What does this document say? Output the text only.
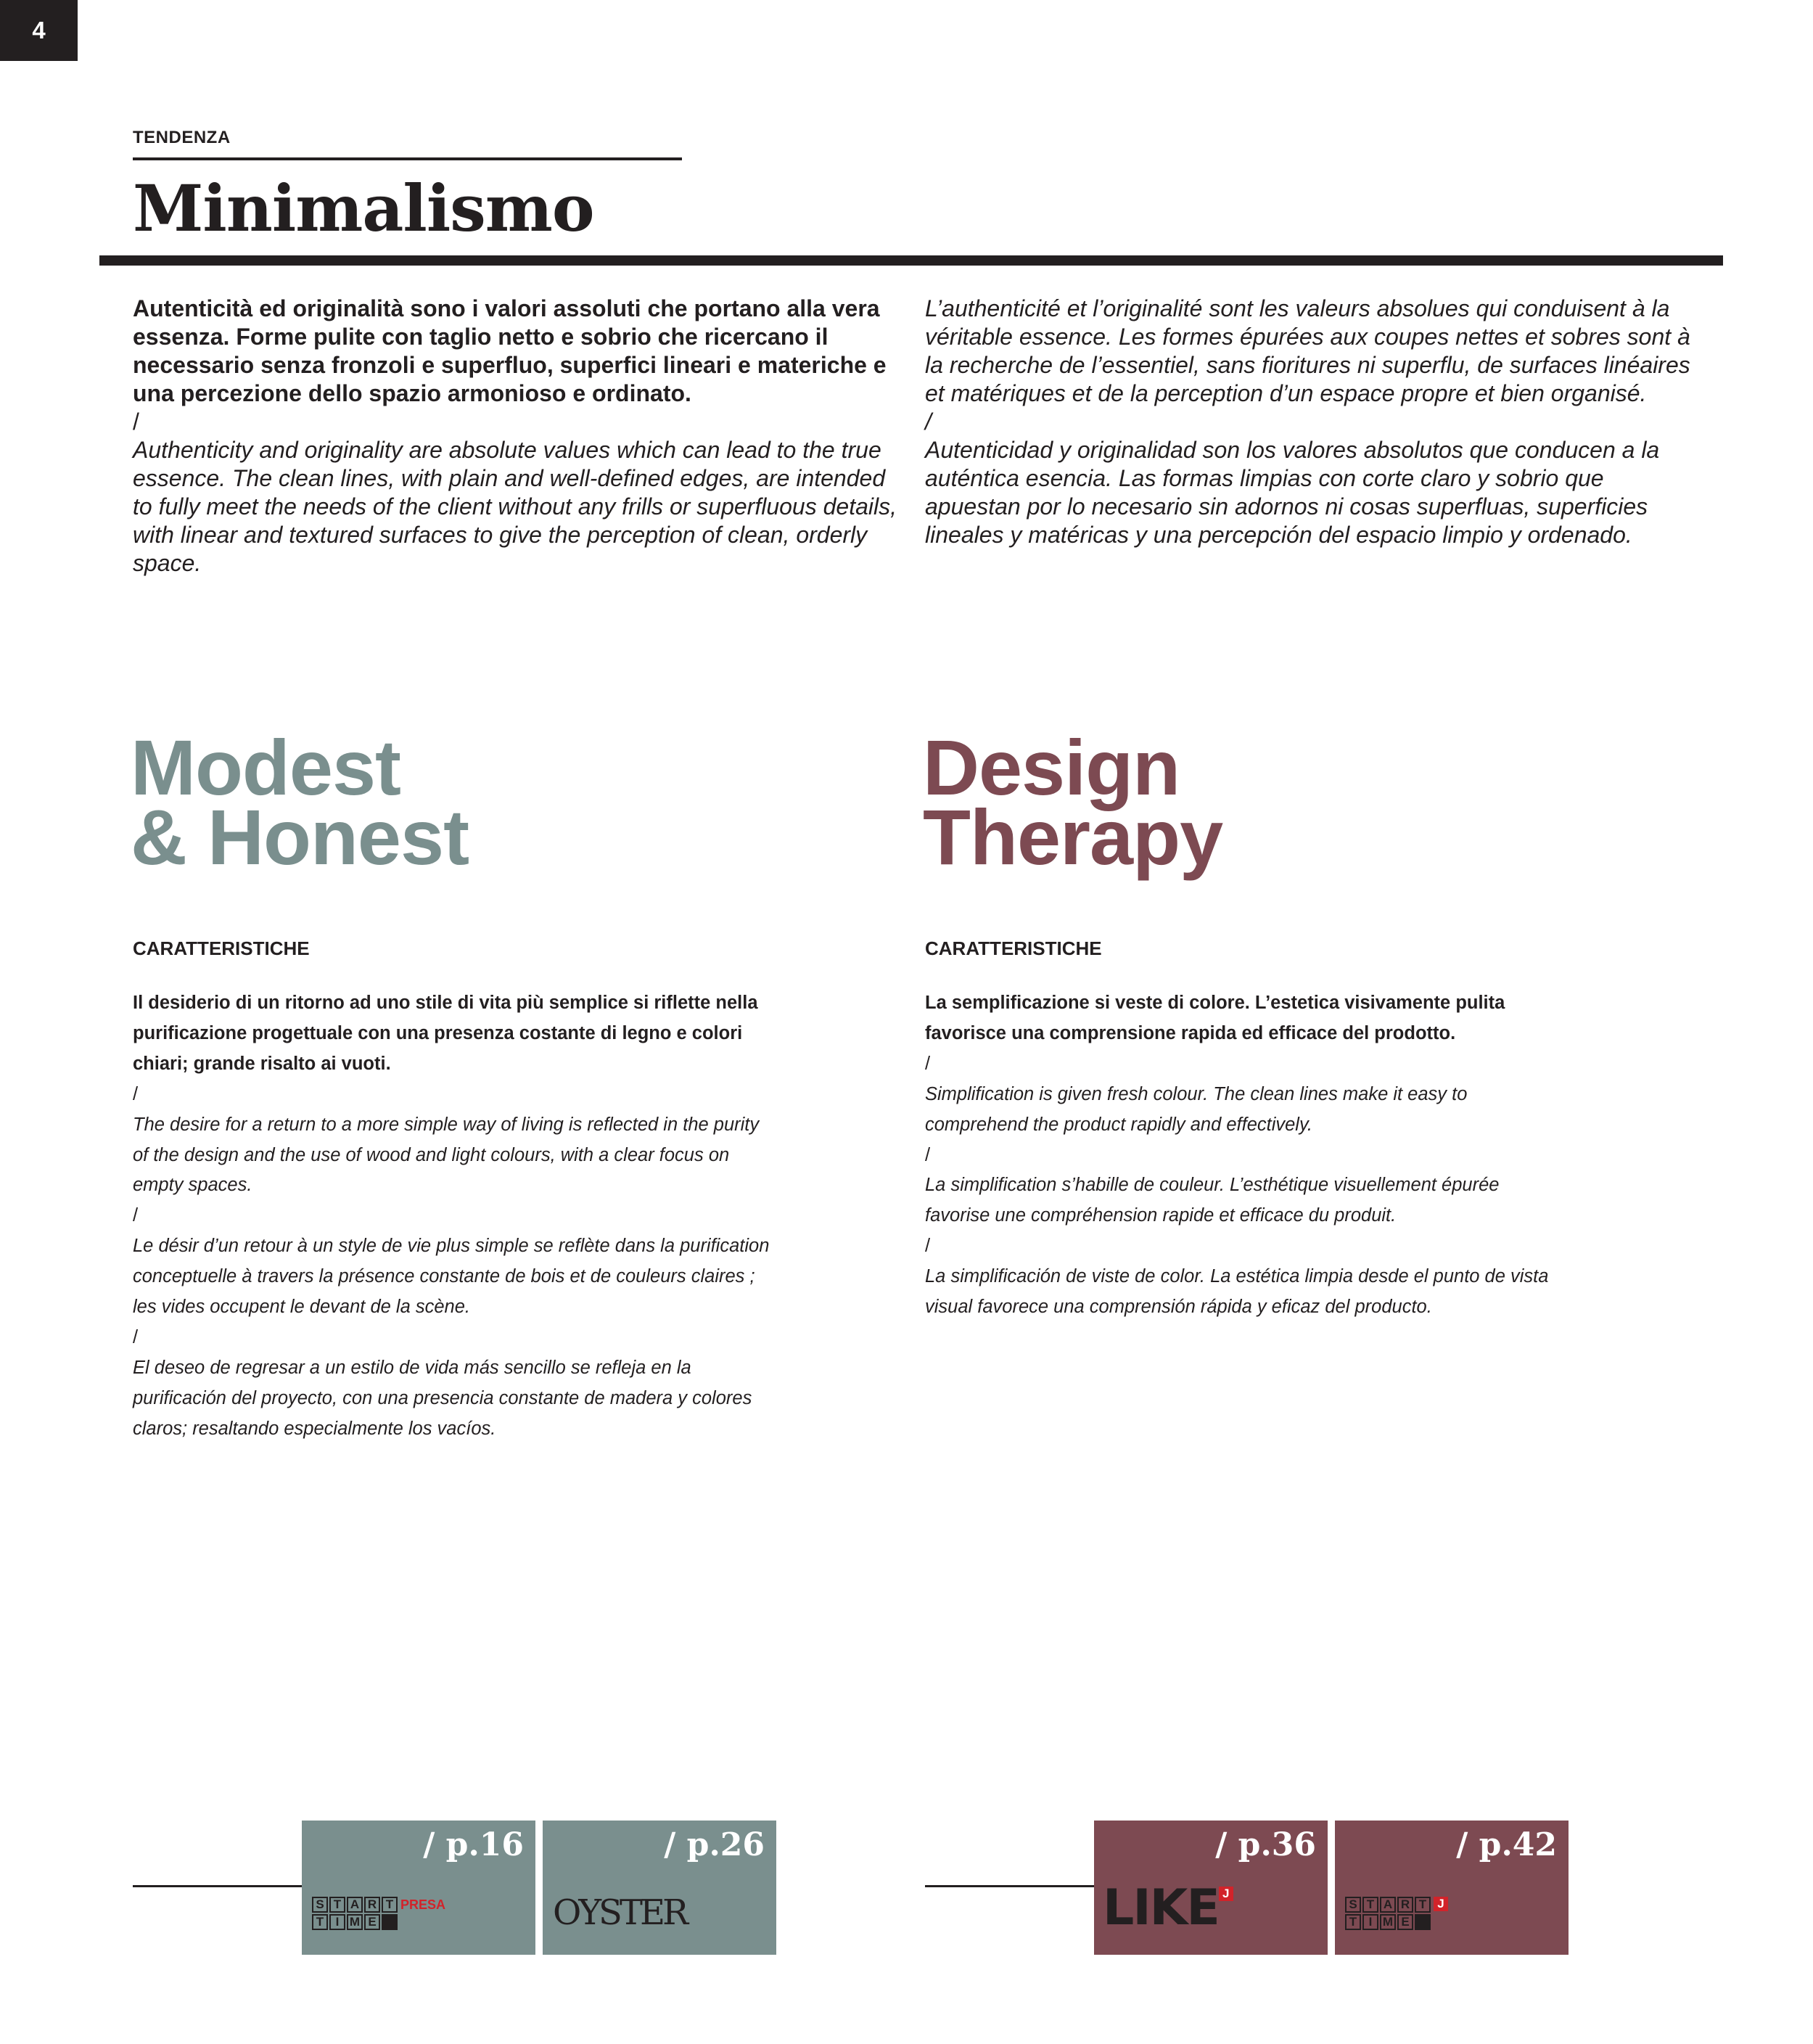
4
TENDENZA
Minimalismo

Autenticità ed originalità sono i valori assoluti che portano alla vera essenza. Forme pulite con taglio netto e sobrio che ricercano il necessario senza fronzoli e superfluo, superfici lineari e materiche e una percezione dello spazio armonioso e ordinato.

/

Authenticity and originality are absolute values which can lead to the true essence. The clean lines, with plain and well-defined edges, are intended to fully meet the needs of the client without any frills or superfluous details, with linear and textured surfaces to give the perception of clean, orderly space.

L’authenticité et l’originalité sont les valeurs absolues qui conduisent à la véritable essence. Les formes épurées aux coupes nettes et sobres sont à la recherche de l’essentiel, sans fioritures ni superflu, de surfaces linéaires et matériques et de la perception d’un espace propre et bien organisé.

/

Autenticidad y originalidad son los valores absolutos que conducen a la auténtica esencia. Las formas limpias con corte claro y sobrio que apuestan por lo necesario sin adornos ni cosas superfluas, superficies lineales y matéricas y una percepción del espacio limpio y ordenado.

Modest
& Honest
Design
Therapy
CARATTERISTICHE	CARATTERISTICHE

Il desiderio di un ritorno ad uno stile di vita più semplice si riflette nella purificazione progettuale con una presenza costante di legno e colori chiari; grande risalto ai vuoti.

/

The desire for a return to a more simple way of living is reflected in the purity of the design and the use of wood and light colours, with a clear focus on empty spaces.

/

Le désir d’un retour à un style de vie plus simple se reflète dans la purification conceptuelle à travers la présence constante de bois et de couleurs claires ; les vides occupent le devant de la scène.

/

El deseo de regresar a un estilo de vida más sencillo se refleja en la purificación del proyecto, con una presencia constante de madera y colores claros; resaltando especialmente los vacíos.

La semplificazione si veste di colore. L’estetica visivamente pulita favorisce una comprensione rapida ed efficace del prodotto.

/

Simplification is given fresh colour. The clean lines make it easy to comprehend the product rapidly and effectively.

/

La simplification s’habille de couleur. L’esthétique visuellement épurée favorise une compréhension rapide et efficace du produit.

/

La simplificación de viste de color. La estética limpia desde el punto de vista visual favorece una comprensión rápida y eficaz del producto.

/ p.16
S T A R T
T I M E
PRESA
/ p.26
OYSTER
/ p.36
LIKE J
/ p.42
S T A R T
T I M E
J
